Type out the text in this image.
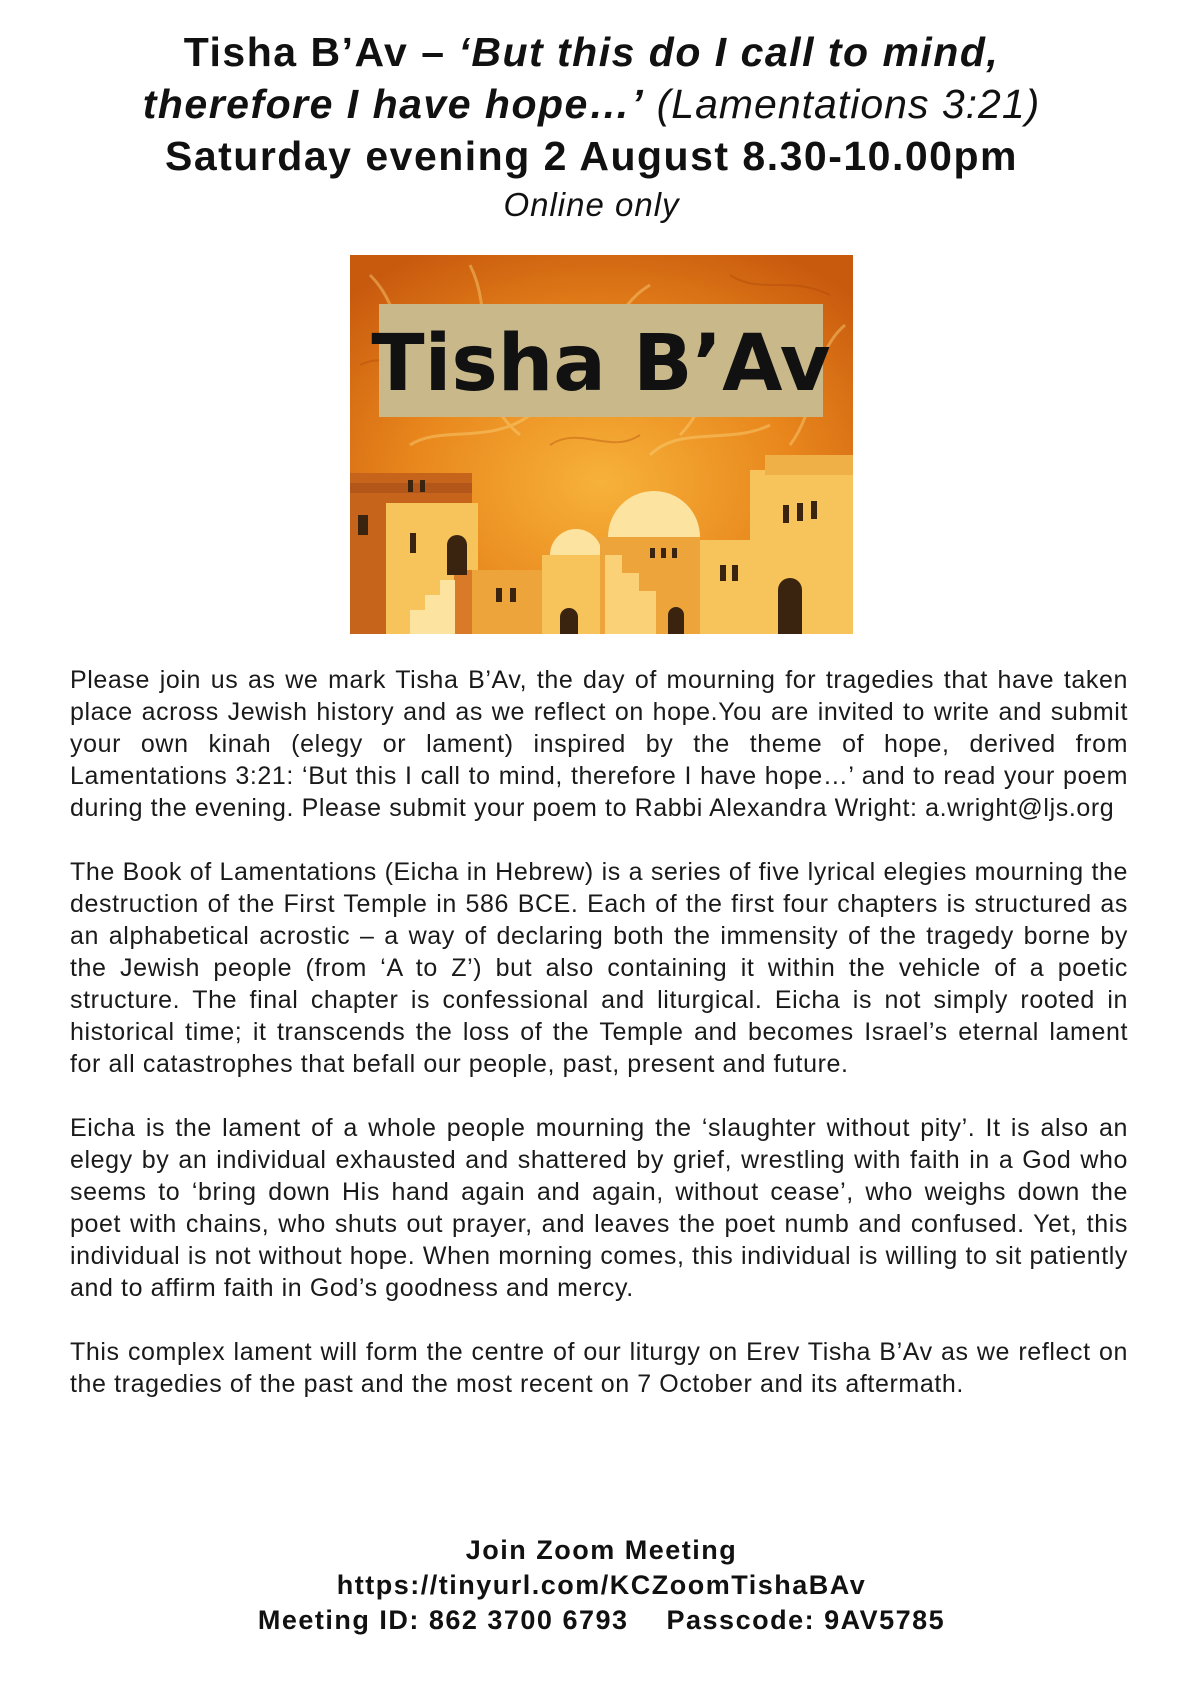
Tisha B’Av – ‘But this do I call to mind,
therefore I have hope…’ (Lamentations 3:21)
Saturday evening 2 August 8.30-10.00pm
Online only
Tisha B’Av

Please join us as we mark Tisha B’Av, the day of mourning for tragedies that have taken place across Jewish history and as we reflect on hope.You are invited to write and submit your own kinah (elegy or lament) inspired by the theme of hope, derived from Lamentations 3:21: ‘But this I call to mind, therefore I have hope…’ and to read your poem during the evening. Please submit your poem to Rabbi Alexandra Wright: a.wright@ljs.org

The Book of Lamentations (Eicha in Hebrew) is a series of five lyrical elegies mourning the destruction of the First Temple in 586 BCE. Each of the first four chapters is structured as an alphabetical acrostic – a way of declaring both the immensity of the tragedy borne by the Jewish people (from ‘A to Z’) but also containing it within the vehicle of a poetic structure. The final chapter is confessional and liturgical. Eicha is not simply rooted in historical time; it transcends the loss of the Temple and becomes Israel’s eternal lament for all catastrophes that befall our people, past, present and future.

Eicha is the lament of a whole people mourning the ‘slaughter without pity’. It is also an elegy by an individual exhausted and shattered by grief, wrestling with faith in a God who seems to ‘bring down His hand again and again, without cease’, who weighs down the poet with chains, who shuts out prayer, and leaves the poet numb and confused. Yet, this individual is not without hope. When morning comes, this individual is willing to sit patiently and to affirm faith in God’s goodness and mercy.

This complex lament will form the centre of our liturgy on Erev Tisha B’Av as we reflect on the tragedies of the past and the most recent on 7 October and its aftermath.

Join Zoom Meeting
https://tinyurl.com/KCZoomTishaBAv
Meeting ID: 862 3700 6793 Passcode: 9AV5785
